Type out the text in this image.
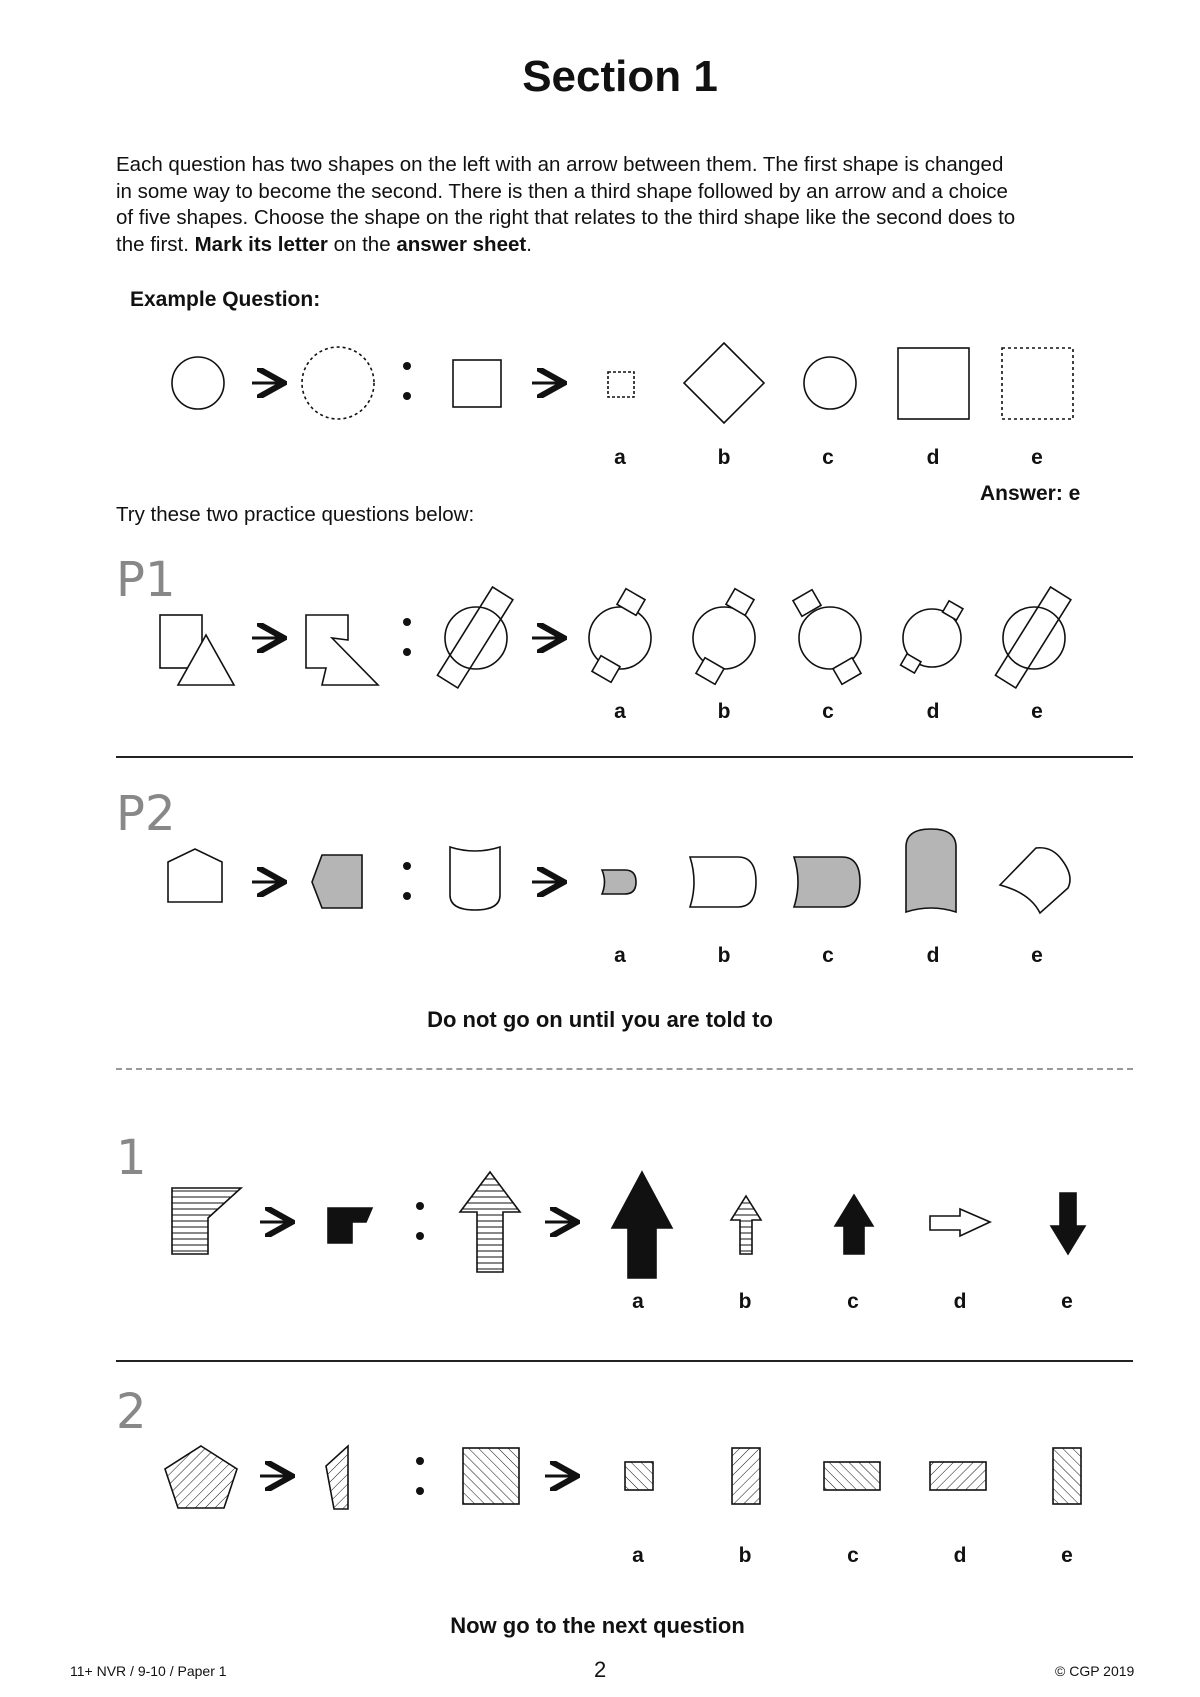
Section 1

Each question has two shapes on the left with an arrow between them. The first shape is changed in some way to become the second. There is then a third shape followed by an arrow and a choice of five shapes. Choose the shape on the right that relates to the third shape like the second does to the first. Mark its letter on the answer sheet.

Example Question:
a	b	c	d	e
Answer: e
Try these two practice questions below:
P1
a	b	c	d	e
P2
a	b	c	d	e
Do not go on until you are told to
1
a	b	c	d	e
2
a	b	c	d	e
Now go to the next question
11+ NVR / 9-10 / Paper 1	2	© CGP 2019
